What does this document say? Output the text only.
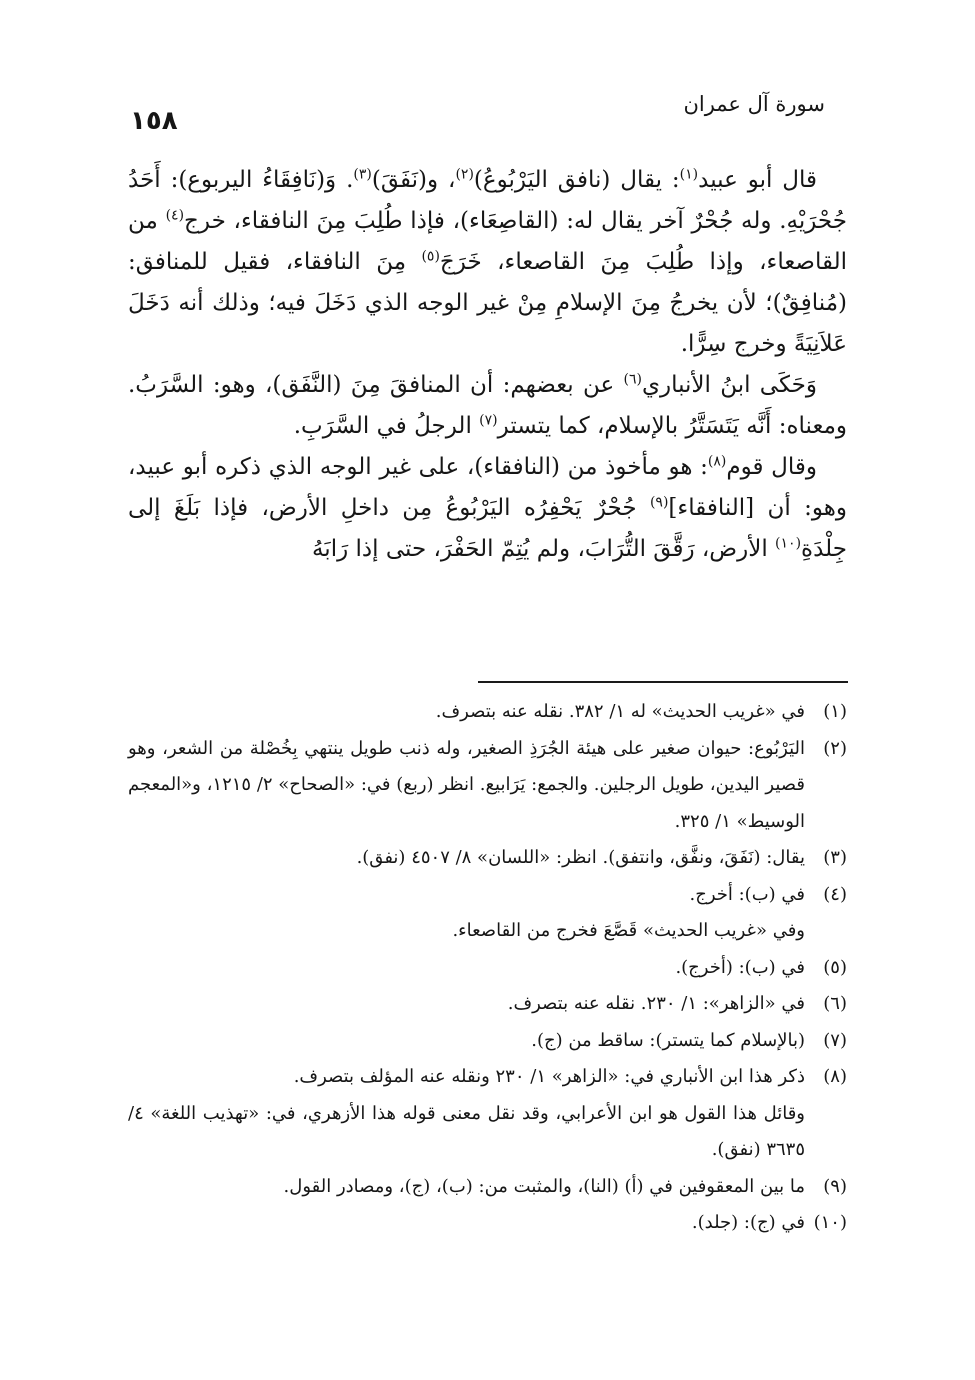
١٥٨
سورة آل عمران

قال أبو عبيد$^{(١)}$: يقال (نافق اليَرْبُوعُ)$^{(٢)}$، و(نَفَقَ)$^{(٣)}$. وَ(نَافِقَاءُ اليربوع): أَحَدُ جُحْرَيْهِ. وله جُحْرٌ آخر يقال له: (القاصِعَاء)، فإذا طُلِبَ مِنَ النافقاء، خرج$^{(٤)}$ من القاصعاء، وإذا طُلِبَ مِنَ القاصعاء، خَرَجَ$^{(٥)}$ مِنَ النافقاء، فقيل للمنافق: (مُنافِقٌ)؛ لأن يخرجُ مِنَ الإسلامِ مِنْ غير الوجه الذي دَخَلَ فيه؛ وذلك أنه دَخَلَ عَلاَنِيَةً وخرج سِرًّا.

وَحَكَى ابنُ الأنباري$^{(٦)}$ عن بعضهم: أن المنافقَ مِنَ (النَّفَق)، وهو: السَّرَبُ. ومعناه: أَنَّه يَتَسَتَّرُ بالإسلام، كما يتستر$^{(٧)}$ الرجلُ في السَّرَبِ.

وقال قوم$^{(٨)}$: هو مأخوذ من (النافقاء)، على غير الوجه الذي ذكره أبو عبيد، وهو: أن [النافقاء]$^{(٩)}$ جُحْرٌ يَحْفِرُه اليَرْبُوعُ مِن داخلِ الأرض، فإذا بَلَغَ إلى جِلْدَةِ$^{(١٠)}$ الأرض، رَقَّقَ التُّرَابَ، ولم يُتِمّ الحَفْرَ، حتى إذا رَابَهُ

(١)
في «غريب الحديث» له ١/ ٣٨٢. نقله عنه بتصرف.
(٢)
اليَرْبُوع: حيوان صغير على هيئة الجُرَذِ الصغير، وله ذنب طويل ينتهي بِخُصْلة من الشعر، وهو قصير اليدين، طويل الرجلين. والجمع: يَرَابيع. انظر (ربع) في: «الصحاح» ٢/ ١٢١٥، و«المعجم الوسيط» ١/ ٣٢٥.
(٣)
يقال: (نَفَقَ، ونفَّق، وانتفق). انظر: «اللسان» ٨/ ٤٥٠٧ (نفق).
(٤)
في (ب): أخرج.
وفي «غريب الحديث» قَصَّعَ فخرج من القاصعاء.
(٥)
في (ب): (أخرج).
(٦)
في «الزاهر»: ١/ ٢٣٠. نقله عنه بتصرف.
(٧)
(بالإسلام كما يتستر): ساقط من (ج).
(٨)
ذكر هذا ابن الأنباري في: «الزاهر» ١/ ٢٣٠ ونقله عنه المؤلف بتصرف.
وقائل هذا القول هو ابن الأعرابي، وقد نقل معنى قوله هذا الأزهري، في: «تهذيب اللغة» ٤/ ٣٦٣٥ (نفق).
(٩)
ما بين المعقوفين في (أ) (النا)، والمثبت من: (ب)، (ج)، ومصادر القول.
(١٠)
في (ج): (جلد).
